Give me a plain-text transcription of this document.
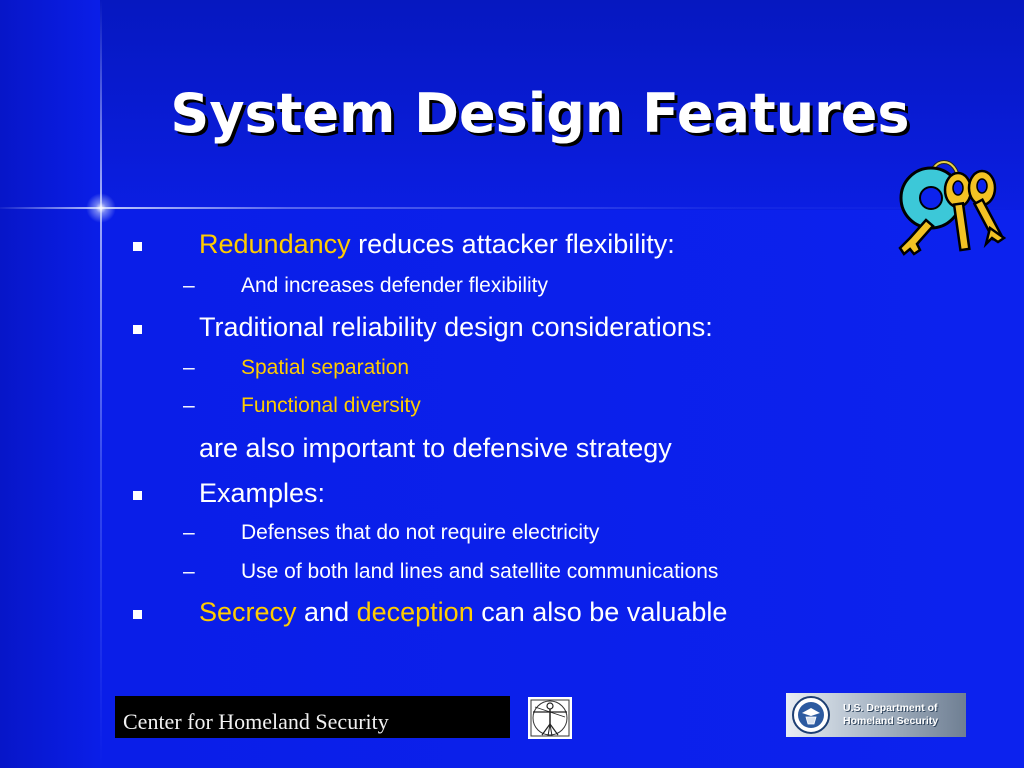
System Design Features
Redundancy reduces attacker flexibility:
– And increases defender flexibility
Traditional reliability design considerations:
– Spatial separation
– Functional diversity
are also important to defensive strategy
Examples:
– Defenses that do not require electricity
– Use of both land lines and satellite communications
Secrecy and deception can also be valuable
Center for Homeland Security
U.S. Department of
Homeland Security
